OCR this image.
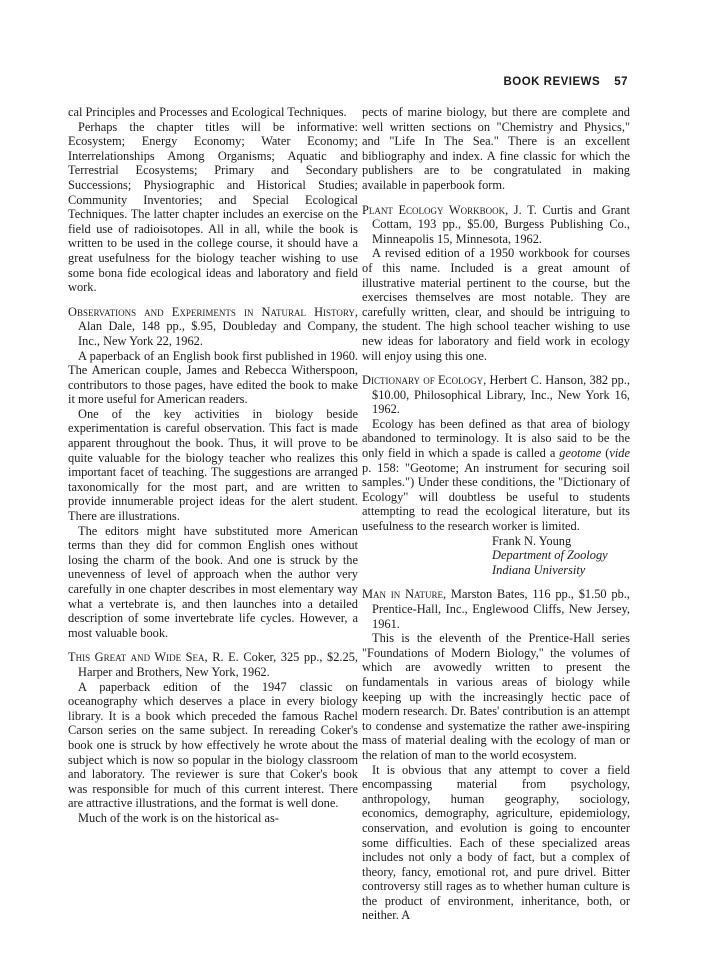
BOOK REVIEWS 57

cal Principles and Processes and Ecological Techniques.

Perhaps the chapter titles will be informative: Ecosystem; Energy Economy; Water Economy; Interrelationships Among Organisms; Aquatic and Terrestrial Ecosystems; Primary and Secondary Successions; Physiographic and Historical Studies; Community Inventories; and Special Ecological Techniques. The latter chapter includes an exercise on the field use of radioisotopes. All in all, while the book is written to be used in the college course, it should have a great usefulness for the biology teacher wishing to use some bona fide ecological ideas and laboratory and field work.

Observations and Experiments in Natural History, Alan Dale, 148 pp., $.95, Doubleday and Company, Inc., New York 22, 1962.

A paperback of an English book first published in 1960. The American couple, James and Rebecca Witherspoon, contributors to those pages, have edited the book to make it more useful for American readers.

One of the key activities in biology beside experimentation is careful observation. This fact is made apparent throughout the book. Thus, it will prove to be quite valuable for the biology teacher who realizes this important facet of teaching. The suggestions are arranged taxonomically for the most part, and are written to provide innumerable project ideas for the alert student. There are illustrations.

The editors might have substituted more American terms than they did for common English ones without losing the charm of the book. And one is struck by the unevenness of level of approach when the author very carefully in one chapter describes in most elementary way what a vertebrate is, and then launches into a detailed description of some invertebrate life cycles. However, a most valuable book.

This Great and Wide Sea, R. E. Coker, 325 pp., $2.25, Harper and Brothers, New York, 1962.

A paperback edition of the 1947 classic on oceanography which deserves a place in every biology library. It is a book which preceded the famous Rachel Carson series on the same subject. In rereading Coker's book one is struck by how effectively he wrote about the subject which is now so popular in the biology classroom and laboratory. The reviewer is sure that Coker's book was responsible for much of this current interest. There are attractive illustrations, and the format is well done.

Much of the work is on the historical as-

pects of marine biology, but there are complete and well written sections on "Chemistry and Physics," and "Life In The Sea." There is an excellent bibliography and index. A fine classic for which the publishers are to be congratulated in making available in paperbook form.

Plant Ecology Workbook, J. T. Curtis and Grant Cottam, 193 pp., $5.00, Burgess Publishing Co., Minneapolis 15, Minnesota, 1962.

A revised edition of a 1950 workbook for courses of this name. Included is a great amount of illustrative material pertinent to the course, but the exercises themselves are most notable. They are carefully written, clear, and should be intriguing to the student. The high school teacher wishing to use new ideas for laboratory and field work in ecology will enjoy using this one.

Dictionary of Ecology, Herbert C. Hanson, 382 pp., $10.00, Philosophical Library, Inc., New York 16, 1962.

Ecology has been defined as that area of biology abandoned to terminology. It is also said to be the only field in which a spade is called a geotome (vide p. 158: "Geotome; An instrument for securing soil samples.") Under these conditions, the "Dictionary of Ecology" will doubtless be useful to students attempting to read the ecological literature, but its usefulness to the research worker is limited.

Frank N. Young
Department of Zoology
Indiana University

Man in Nature, Marston Bates, 116 pp., $1.50 pb., Prentice-Hall, Inc., Englewood Cliffs, New Jersey, 1961.

This is the eleventh of the Prentice-Hall series "Foundations of Modern Biology," the volumes of which are avowedly written to present the fundamentals in various areas of biology while keeping up with the increasingly hectic pace of modern research. Dr. Bates' contribution is an attempt to condense and systematize the rather awe-inspiring mass of material dealing with the ecology of man or the relation of man to the world ecosystem.

It is obvious that any attempt to cover a field encompassing material from psychology, anthropology, human geography, sociology, economics, demography, agriculture, epidemiology, conservation, and evolution is going to encounter some difficulties. Each of these specialized areas includes not only a body of fact, but a complex of theory, fancy, emotional rot, and pure drivel. Bitter controversy still rages as to whether human culture is the product of environment, inheritance, both, or neither. A
